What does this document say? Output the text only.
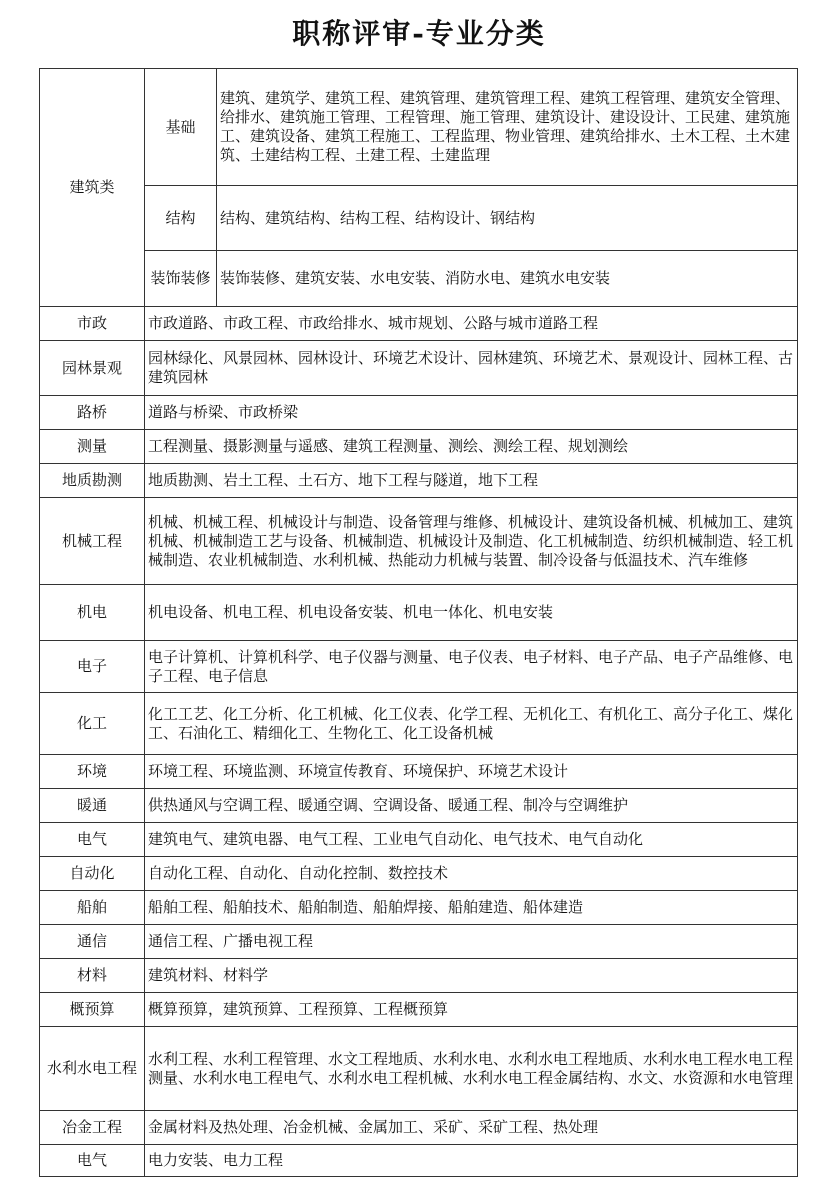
职称评审-专业分类
建筑类	基础	建筑、建筑学、建筑工程、建筑管理、建筑管理工程、建筑工程管理、建筑安全管理、给排水、建筑施工管理、工程管理、施工管理、建筑设计、建设设计、工民建、建筑施工、建筑设备、建筑工程施工、工程监理、物业管理、建筑给排水、土木工程、土木建筑、土建结构工程、土建工程、土建监理
	结构	结构、建筑结构、结构工程、结构设计、钢结构
	装饰装修	装饰装修、建筑安装、水电安装、消防水电、建筑水电安装
市政	市政道路、市政工程、市政给排水、城市规划、公路与城市道路工程	
园林景观	园林绿化、风景园林、园林设计、环境艺术设计、园林建筑、环境艺术、景观设计、园林工程、古建筑园林	
路桥	道路与桥梁、市政桥梁	
测量	工程测量、摄影测量与遥感、建筑工程测量、测绘、测绘工程、规划测绘	
地质勘测	地质勘测、岩土工程、土石方、地下工程与隧道，地下工程	
机械工程	机械、机械工程、机械设计与制造、设备管理与维修、机械设计、建筑设备机械、机械加工、建筑机械、机械制造工艺与设备、机械制造、机械设计及制造、化工机械制造、纺织机械制造、轻工机械制造、农业机械制造、水利机械、热能动力机械与装置、制冷设备与低温技术、汽车维修	
机电	机电设备、机电工程、机电设备安装、机电一体化、机电安装	
电子	电子计算机、计算机科学、电子仪器与测量、电子仪表、电子材料、电子产品、电子产品维修、电子工程、电子信息	
化工	化工工艺、化工分析、化工机械、化工仪表、化学工程、无机化工、有机化工、高分子化工、煤化工、石油化工、精细化工、生物化工、化工设备机械	
环境	环境工程、环境监测、环境宣传教育、环境保护、环境艺术设计	
暖通	供热通风与空调工程、暖通空调、空调设备、暖通工程、制冷与空调维护	
电气	建筑电气、建筑电器、电气工程、工业电气自动化、电气技术、电气自动化	
自动化	自动化工程、自动化、自动化控制、数控技术	
船舶	船舶工程、船舶技术、船舶制造、船舶焊接、船舶建造、船体建造	
通信	通信工程、广播电视工程	
材料	建筑材料、材料学	
概预算	概算预算，建筑预算、工程预算、工程概预算	
水利水电工程	水利工程、水利工程管理、水文工程地质、水利水电、水利水电工程地质、水利水电工程水电工程测量、水利水电工程电气、水利水电工程机械、水利水电工程金属结构、水文、水资源和水电管理	
冶金工程	金属材料及热处理、冶金机械、金属加工、采矿、采矿工程、热处理	
电气	电力安装、电力工程	
